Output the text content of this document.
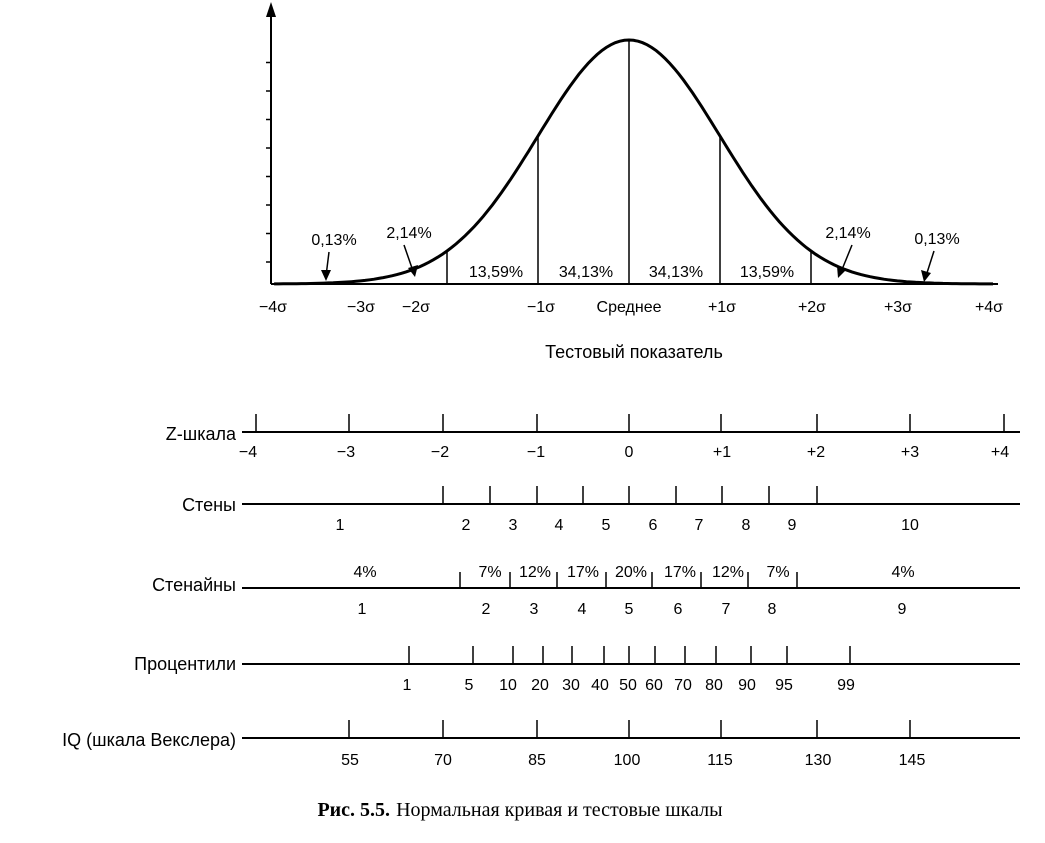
13,59% 34,13% 34,13% 13,59%
0,13% 2,14%	2,14%	0,13%
−4σ	−3σ −2σ	−1σ	Среднее	+1σ	+2σ	+3σ	+4σ
Тестовый показатель
Z-шкала
−4	−3	−2	−1	0	+1	+2	+3	+4
Стены
1	2 3 4 5 6 7 8 9	10
Стенайны
4%	7% 12% 17% 20% 17% 12% 7%	4%
1	2 3 4 5	6 7 8	9
Процентили
1	5 10 20 30 40 50 60 70 80 90 95	99
IQ (шкала Векслера)
55	70	85	100	115	130	145
Рис. 5.5. Нормальная кривая и тестовые шкалы
